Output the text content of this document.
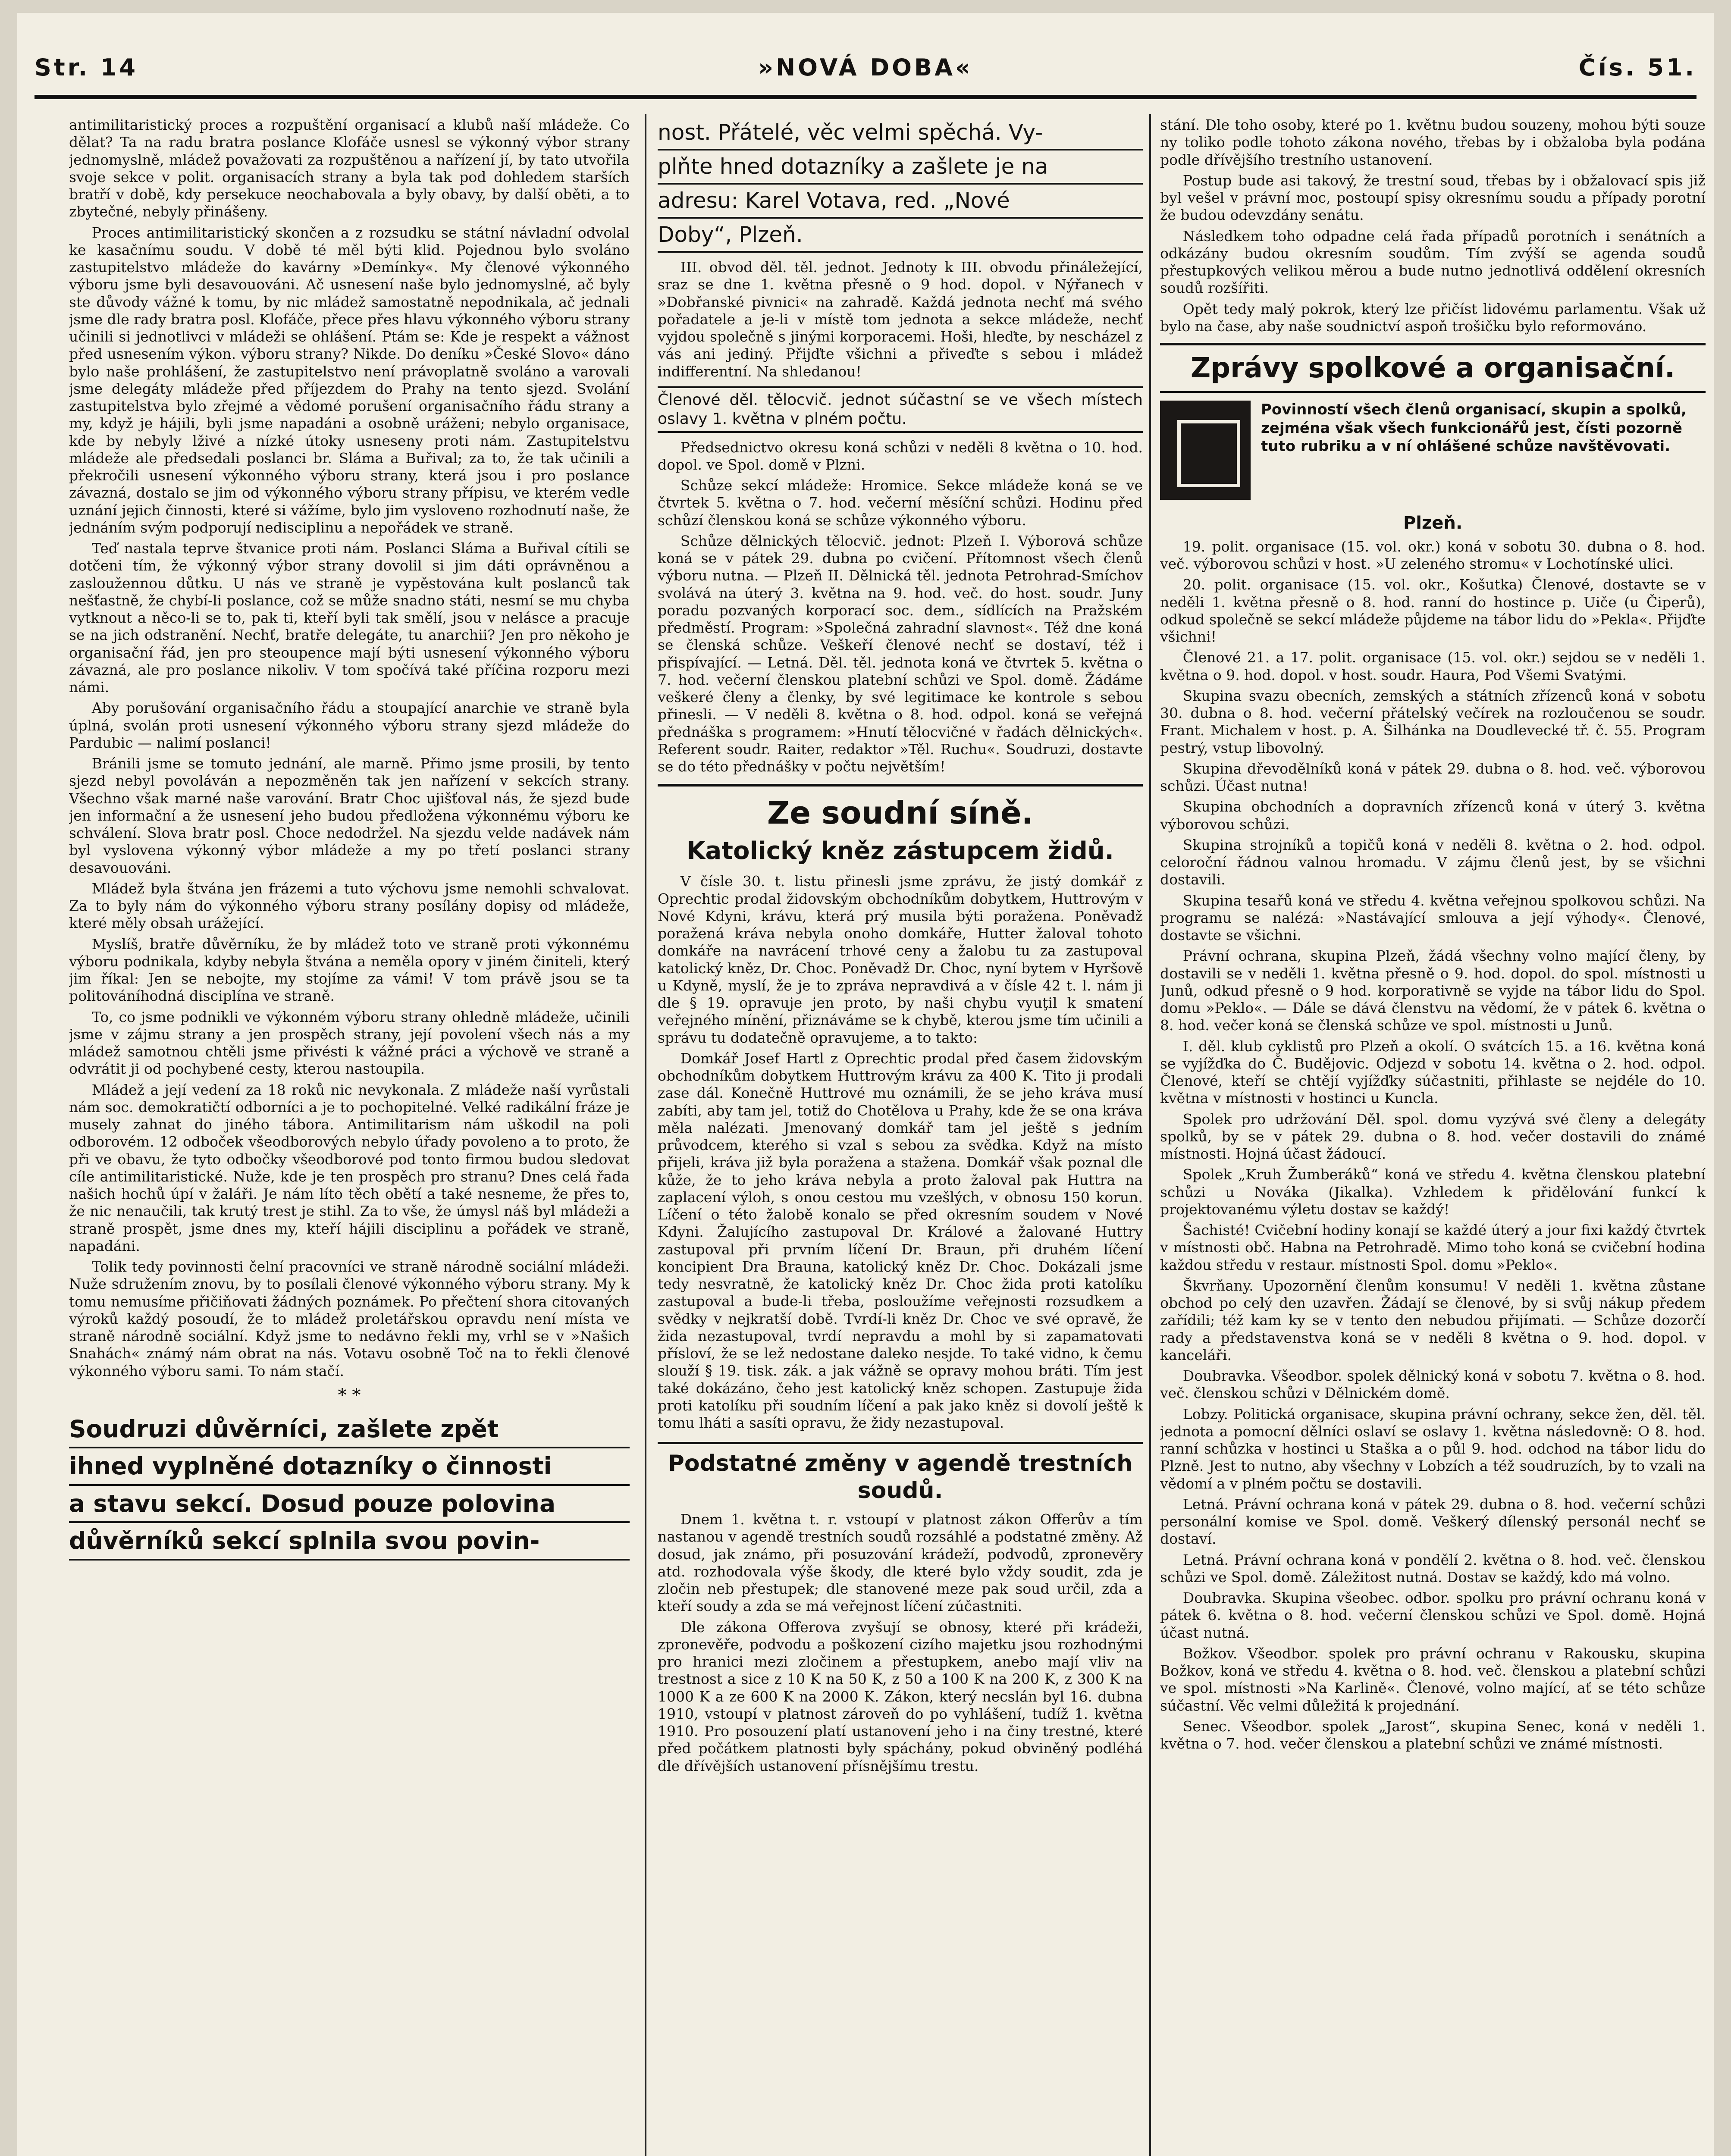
Str. 14	»NOVÁ DOBA«	Čís. 51.

antimilitaristický proces a rozpuštění organisací a klubů naší mládeže. Co dělat? Ta na radu bratra poslance Klofáče usnesl se výkonný výbor strany jednomyslně, mládež považovati za rozpuštěnou a nařízení jí, by tato utvořila svoje sekce v polit. organisacích strany a byla tak pod dohledem starších bratří v době, kdy persekuce neochabovala a byly obavy, by další oběti, a to zbytečné, nebyly přinášeny.

Proces antimilitaristický skončen a z rozsudku se státní návladní odvolal ke kasačnímu soudu. V době té měl býti klid. Pojednou bylo svoláno zastupitelstvo mládeže do kavárny »Demínky«. My členové výkonného výboru jsme byli desavouováni. Ač usnesení naše bylo jednomyslné, ač byly ste důvody vážné k tomu, by nic mládež samostatně nepodnikala, ač jednali jsme dle rady bratra posl. Klofáče, přece přes hlavu výkonného výboru strany učinili si jednotlivci v mládeži se ohlášení. Ptám se: Kde je respekt a vážnost před usnesením výkon. výboru strany? Nikde. Do deníku »České Slovo« dáno bylo naše prohlášení, že zastupitelstvo není právoplatně svoláno a varovali jsme delegáty mládeže před příjezdem do Prahy na tento sjezd. Svolání zastupitelstva bylo zřejmé a vědomé porušení organisačního řádu strany a my, když je hájili, byli jsme napadáni a osobně uráženi; nebylo organisace, kde by nebyly lživé a nízké útoky usneseny proti nám. Zastupitelstvu mládeže ale předsedali poslanci br. Sláma a Buřival; za to, že tak učinili a překročili usnesení výkonného výboru strany, která jsou i pro poslance závazná, dostalo se jim od výkonného výboru strany přípisu, ve kterém vedle uznání jejich činnosti, které si vážíme, bylo jim vysloveno rozhodnutí naše, že jednáním svým podporují nedisciplinu a nepořádek ve straně.

Teď nastala teprve štvanice proti nám. Poslanci Sláma a Buřival cítili se dotčeni tím, že výkonný výbor strany dovolil si jim dáti oprávněnou a zasloužennou důtku. U nás ve straně je vypěstována kult poslanců tak nešťastně, že chybí-li poslance, což se může snadno státi, nesmí se mu chyba vytknout a něco-li se to, pak ti, kteří byli tak smělí, jsou v nelásce a pracuje se na jich odstranění. Nechť, bratře delegáte, tu anarchii? Jen pro někoho je organisační řád, jen pro steoupence mají býti usnesení výkonného výboru závazná, ale pro poslance nikoliv. V tom spočívá také příčina rozporu mezi námi.

Aby porušování organisačního řádu a stoupající anarchie ve straně byla úplná, svolán proti usnesení výkonného výboru strany sjezd mládeže do Pardubic — nalimí poslanci!

Bránili jsme se tomuto jednání, ale marně. Přimo jsme prosili, by tento sjezd nebyl povoláván a nepozměněn tak jen nařízení v sekcích strany. Všechno však marné naše varování. Bratr Choc ujišťoval nás, že sjezd bude jen informační a že usnesení jeho budou předložena výkonnému výboru ke schválení. Slova bratr posl. Choce nedodržel. Na sjezdu velde nadávek nám byl vyslovena výkonný výbor mládeže a my po třetí poslanci strany desavouováni.

Mládež byla štvána jen frázemi a tuto výchovu jsme nemohli schvalovat. Za to byly nám do výkonného výboru strany posílány dopisy od mládeže, které měly obsah urážející.

Myslíš, bratře důvěrníku, že by mládež toto ve straně proti výkonnému výboru podnikala, kdyby nebyla štvána a neměla opory v jiném činiteli, který jim říkal: Jen se nebojte, my stojíme za vámi! V tom právě jsou se ta politováníhodná disciplína ve straně.

To, co jsme podnikli ve výkonném výboru strany ohledně mládeže, učinili jsme v zájmu strany a jen prospěch strany, její povolení všech nás a my mládež samotnou chtěli jsme přivésti k vážné práci a výchově ve straně a odvrátit ji od pochybené cesty, kterou nastoupila.

Mládež a její vedení za 18 roků nic nevykonala. Z mládeže naší vyrůstali nám soc. demokratičtí odborníci a je to pochopitelné. Velké radikální fráze je musely zahnat do jiného tábora. Antimilitarism nám uškodil na poli odborovém. 12 odboček všeodborových nebylo úřady povoleno a to proto, že při ve obavu, že tyto odbočky všeodborové pod tonto firmou budou sledovat cíle antimilitaristické. Nuže, kde je ten prospěch pro stranu? Dnes celá řada našich hochů úpí v žaláři. Je nám líto těch obětí a také nesneme, že přes to, že nic nenaučili, tak krutý trest je stihl. Za to vše, že úmysl náš byl mládeži a straně prospět, jsme dnes my, kteří hájili disciplinu a pořádek ve straně, napadáni.

Tolik tedy povinnosti čelní pracovníci ve straně národně sociální mládeži. Nuže sdružením znovu, by to posílali členové výkonného výboru strany. My k tomu nemusíme přičiňovati žádných poznámek. Po přečtení shora citovaných výroků každý posoudí, že to mládež proletářskou opravdu není místa ve straně národně sociální. Když jsme to nedávno řekli my, vrhl se v »Našich Snahách« známý nám obrat na nás. Votavu osobně Toč na to řekli členové výkonného výboru sami. To nám stačí.

* *
Soudruzi důvěrníci, zašlete zpět
ihned vyplněné dotazníky o činnosti
a stavu sekcí. Dosud pouze polovina
důvěrníků sekcí splnila svou povin-
nost. Přátelé, věc velmi spěchá. Vy-
plňte hned dotazníky a zašlete je na
adresu: Karel Votava, red. „Nové
Doby“, Plzeň.

III. obvod děl. těl. jednot. Jednoty k III. obvodu přináležející, sraz se dne 1. května přesně o 9 hod. dopol. v Nýřanech v »Dobřanské pivnici« na zahradě. Každá jednota nechť má svého pořadatele a je-li v místě tom jednota a sekce mládeže, nechť vyjdou společně s jinými korporacemi. Hoši, hleďte, by nescházel z vás ani jediný. Přijďte všichni a přiveďte s sebou i mládež indifferentní. Na shledanou!

Členové děl. tělocvič. jednot súčastní se ve všech místech oslavy 1. května v plném počtu.

Předsednictvo okresu koná schůzi v neděli 8 května o 10. hod. dopol. ve Spol. domě v Plzni.

Schůze sekcí mládeže: Hromice. Sekce mládeže koná se ve čtvrtek 5. května o 7. hod. večerní měsíční schůzi. Hodinu před schůzí členskou koná se schůze výkonného výboru.

Schůze dělnických tělocvič. jednot: Plzeň I. Výborová schůze koná se v pátek 29. dubna po cvičení. Přítomnost všech členů výboru nutna. — Plzeň II. Dělnická těl. jednota Petrohrad-Smíchov svolává na úterý 3. května na 9. hod. več. do host. soudr. Juny poradu pozvaných korporací soc. dem., sídlících na Pražském předměstí. Program: »Společná zahradní slavnost«. Též dne koná se členská schůze. Veškeří členové nechť se dostaví, též i přispívající. — Letná. Děl. těl. jednota koná ve čtvrtek 5. května o 7. hod. večerní členskou platební schůzi ve Spol. domě. Žádáme veškeré členy a členky, by své legitimace ke kontrole s sebou přinesli. — V neděli 8. května o 8. hod. odpol. koná se veřejná přednáška s programem: »Hnutí tělocvičné v řadách dělnických«. Referent soudr. Raiter, redaktor »Těl. Ruchu«. Soudruzi, dostavte se do této přednášky v počtu největším!

Ze soudní síně.
Katolický kněz zástupcem židů.

V čísle 30. t. listu přinesli jsme zprávu, že jistý domkář z Oprechtic prodal židovským obchodníkům dobytkem, Huttrovým v Nové Kdyni, krávu, která prý musila býti poražena. Poněvadž poražená kráva nebyla onoho domkáře, Hutter žaloval tohoto domkáře na navrácení trhové ceny a žalobu tu za zastupoval katolický kněz, Dr. Choc. Poněvadž Dr. Choc, nyní bytem v Hyršově u Kdyně, myslí, že je to zpráva nepravdivá a v čísle 42 t. l. nám ji dle § 19. opravuje jen proto, by naši chybu vyuţil k smatení veřejného mínění, přiznáváme se k chybě, kterou jsme tím učinili a správu tu dodatečně opravujeme, a to takto:

Domkář Josef Hartl z Oprechtic prodal před časem židovským obchodníkům dobytkem Huttrovým krávu za 400 K. Tito ji prodali zase dál. Konečně Huttrové mu oznámili, že se jeho kráva musí zabíti, aby tam jel, totiž do Chotělova u Prahy, kde že se ona kráva měla nalézati. Jmenovaný domkář tam jel ještě s jedním průvodcem, kterého si vzal s sebou za svědka. Když na místo přijeli, kráva již byla poražena a stažena. Domkář však poznal dle kůže, že to jeho kráva nebyla a proto žaloval pak Huttra na zaplacení výloh, s onou cestou mu vzešlých, v obnosu 150 korun. Líčení o této žalobě konalo se před okresním soudem v Nové Kdyni. Žalujícího zastupoval Dr. Králové a žalované Huttry zastupoval při prvním líčení Dr. Braun, při druhém líčení koncipient Dra Brauna, katolický kněz Dr. Choc. Dokázali jsme tedy nesvratně, že katolický kněz Dr. Choc žida proti katolíku zastupoval a bude-li třeba, posloužíme veřejnosti rozsudkem a svědky v nejkratší době. Tvrdí-li kněz Dr. Choc ve své opravě, že žida nezastupoval, tvrdí nepravdu a mohl by si zapamatovati přísloví, že se lež nedostane daleko nesjde. To také vidno, k čemu slouží § 19. tisk. zák. a jak vážně se opravy mohou bráti. Tím jest také dokázáno, čeho jest katolický kněz schopen. Zastupuje žida proti katolíku při soudním líčení a pak jako kněz si dovolí ještě k tomu lháti a sasíti opravu, že židy nezastupoval.

Podstatné změny v agendě trestních soudů.

Dnem 1. května t. r. vstoupí v platnost zákon Offerův a tím nastanou v agendě trestních soudů rozsáhlé a podstatné změny. Až dosud, jak známo, při posuzování krádeží, podvodů, zpronevěry atd. rozhodovala výše škody, dle které bylo vždy soudit, zda je zločin neb přestupek; dle stanovené meze pak soud určil, zda a kteří soudy a zda se má veřejnost líčení zúčastniti.

Dle zákona Offerova zvyšují se obnosy, které při krádeži, zpronevěře, podvodu a poškození cizího majetku jsou rozhodnými pro hranici mezi zločinem a přestupkem, anebo mají vliv na trestnost a sice z 10 K na 50 K, z 50 a 100 K na 200 K, z 300 K na 1000 K a ze 600 K na 2000 K. Zákon, který necslán byl 16. dubna 1910, vstoupí v platnost zároveň do po vyhlášení, tudíž 1. května 1910. Pro posouzení platí ustanovení jeho i na činy trestné, které před počátkem platnosti byly spáchány, pokud obviněný podléhá dle dřívějších ustanovení přísnějšímu trestu.

stání. Dle toho osoby, které po 1. květnu budou souzeny, mohou býti souze ny toliko podle tohoto zákona nového, třebas by i obžaloba byla podána podle dřívějšího trestního ustanovení.

Postup bude asi takový, že trestní soud, třebas by i obžalovací spis již byl vešel v právní moc, postoupí spisy okresnímu soudu a případy porotní že budou odevzdány senátu.

Následkem toho odpadne celá řada případů porotních i senátních a odkázány budou okresním soudům. Tím zvýší se agenda soudů přestupkových velikou měrou a bude nutno jednotlivá oddělení okresních soudů rozšířiti.

Opět tedy malý pokrok, který lze přičíst lidovému parlamentu. Však už bylo na čase, aby naše soudnictví aspoň trošičku bylo reformováno.

Zprávy spolkové a organisační.
Povinností všech členů organisací, skupin a spolků, zejména však všech funkcionářů jest, čísti pozorně tuto rubriku a v ní ohlášené schůze navštěvovati.
Plzeň.

19. polit. organisace (15. vol. okr.) koná v sobotu 30. dubna o 8. hod. več. výborovou schůzi v host. »U zeleného stromu« v Lochotínské ulici.

20. polit. organisace (15. vol. okr., Košutka) Členové, dostavte se v neděli 1. května přesně o 8. hod. ranní do hostince p. Uiče (u Čiperů), odkud společně se sekcí mládeže půjdeme na tábor lidu do »Pekla«. Přijďte všichni!

Členové 21. a 17. polit. organisace (15. vol. okr.) sejdou se v neděli 1. května o 9. hod. dopol. v host. soudr. Haura, Pod Všemi Svatými.

Skupina svazu obecních, zemských a státních zřízenců koná v sobotu 30. dubna o 8. hod. večerní přátelský večírek na rozloučenou se soudr. Frant. Michalem v host. p. A. Šilhánka na Doudlevecké tř. č. 55. Program pestrý, vstup libovolný.

Skupina dřevodělníků koná v pátek 29. dubna o 8. hod. več. výborovou schůzi. Účast nutna!

Skupina obchodních a dopravních zřízenců koná v úterý 3. května výborovou schůzi.

Skupina strojníků a topičů koná v neděli 8. května o 2. hod. odpol. celoroční řádnou valnou hromadu. V zájmu členů jest, by se všichni dostavili.

Skupina tesařů koná ve středu 4. května veřejnou spolkovou schůzi. Na programu se nalézá: »Nastávající smlouva a její výhody«. Členové, dostavte se všichni.

Právní ochrana, skupina Plzeň, žádá všechny volno mající členy, by dostavili se v neděli 1. května přesně o 9. hod. dopol. do spol. místnosti u Junů, odkud přesně o 9 hod. korporativně se vyjde na tábor lidu do Spol. domu »Peklo«. — Dále se dává členstvu na vědomí, že v pátek 6. května o 8. hod. večer koná se členská schůze ve spol. místnosti u Junů.

I. děl. klub cyklistů pro Plzeň a okolí. O svátcích 15. a 16. května koná se vyjížďka do Č. Budějovic. Odjezd v sobotu 14. května o 2. hod. odpol. Členové, kteří se chtějí vyjížďky súčastniti, přihlaste se nejdéle do 10. května v místnosti v hostinci u Kuncla.

Spolek pro udržování Děl. spol. domu vyzývá své členy a delegáty spolků, by se v pátek 29. dubna o 8. hod. večer dostavili do známé místnosti. Hojná účast žádoucí.

Spolek „Kruh Žumberáků“ koná ve středu 4. května členskou platební schůzi u Nováka (Jikalka). Vzhledem k přidělování funkcí k projektovanému výletu dostav se každý!

Šachisté! Cvičební hodiny konají se každé úterý a jour fixi každý čtvrtek v místnosti obč. Habna na Petrohradě. Mimo toho koná se cvičební hodina každou středu v restaur. místnosti Spol. domu »Peklo«.

Škvrňany. Upozornění členům konsumu! V neděli 1. května zůstane obchod po celý den uzavřen. Žádají se členové, by si svůj nákup předem zařídili; též kam ky se v tento den nebudou přijímati. — Schůze dozorčí rady a představenstva koná se v neděli 8 května o 9. hod. dopol. v kanceláři.

Doubravka. Všeodbor. spolek dělnický koná v sobotu 7. května o 8. hod. več. členskou schůzi v Dělnickém domě.

Lobzy. Politická organisace, skupina právní ochrany, sekce žen, děl. těl. jednota a pomocní dělníci oslaví se oslavy 1. května následovně: O 8. hod. ranní schůzka v hostinci u Staška a o půl 9. hod. odchod na tábor lidu do Plzně. Jest to nutno, aby všechny v Lobzích a též soudruzích, by to vzali na vědomí a v plném počtu se dostavili.

Letná. Právní ochrana koná v pátek 29. dubna o 8. hod. večerní schůzi personální komise ve Spol. domě. Veškerý dílenský personál nechť se dostaví.

Letná. Právní ochrana koná v pondělí 2. května o 8. hod. več. členskou schůzi ve Spol. domě. Záležitost nutná. Dostav se každý, kdo má volno.

Doubravka. Skupina všeobec. odbor. spolku pro právní ochranu koná v pátek 6. května o 8. hod. večerní členskou schůzi ve Spol. domě. Hojná účast nutná.

Božkov. Všeodbor. spolek pro právní ochranu v Rakousku, skupina Božkov, koná ve středu 4. května o 8. hod. več. členskou a platební schůzi ve spol. místnosti »Na Karlině«. Členové, volno mající, ať se této schůze súčastní. Věc velmi důležitá k projednání.

Senec. Všeodbor. spolek „Jarost“, skupina Senec, koná v neděli 1. května o 7. hod. večer členskou a platební schůzi ve známé místnosti.
